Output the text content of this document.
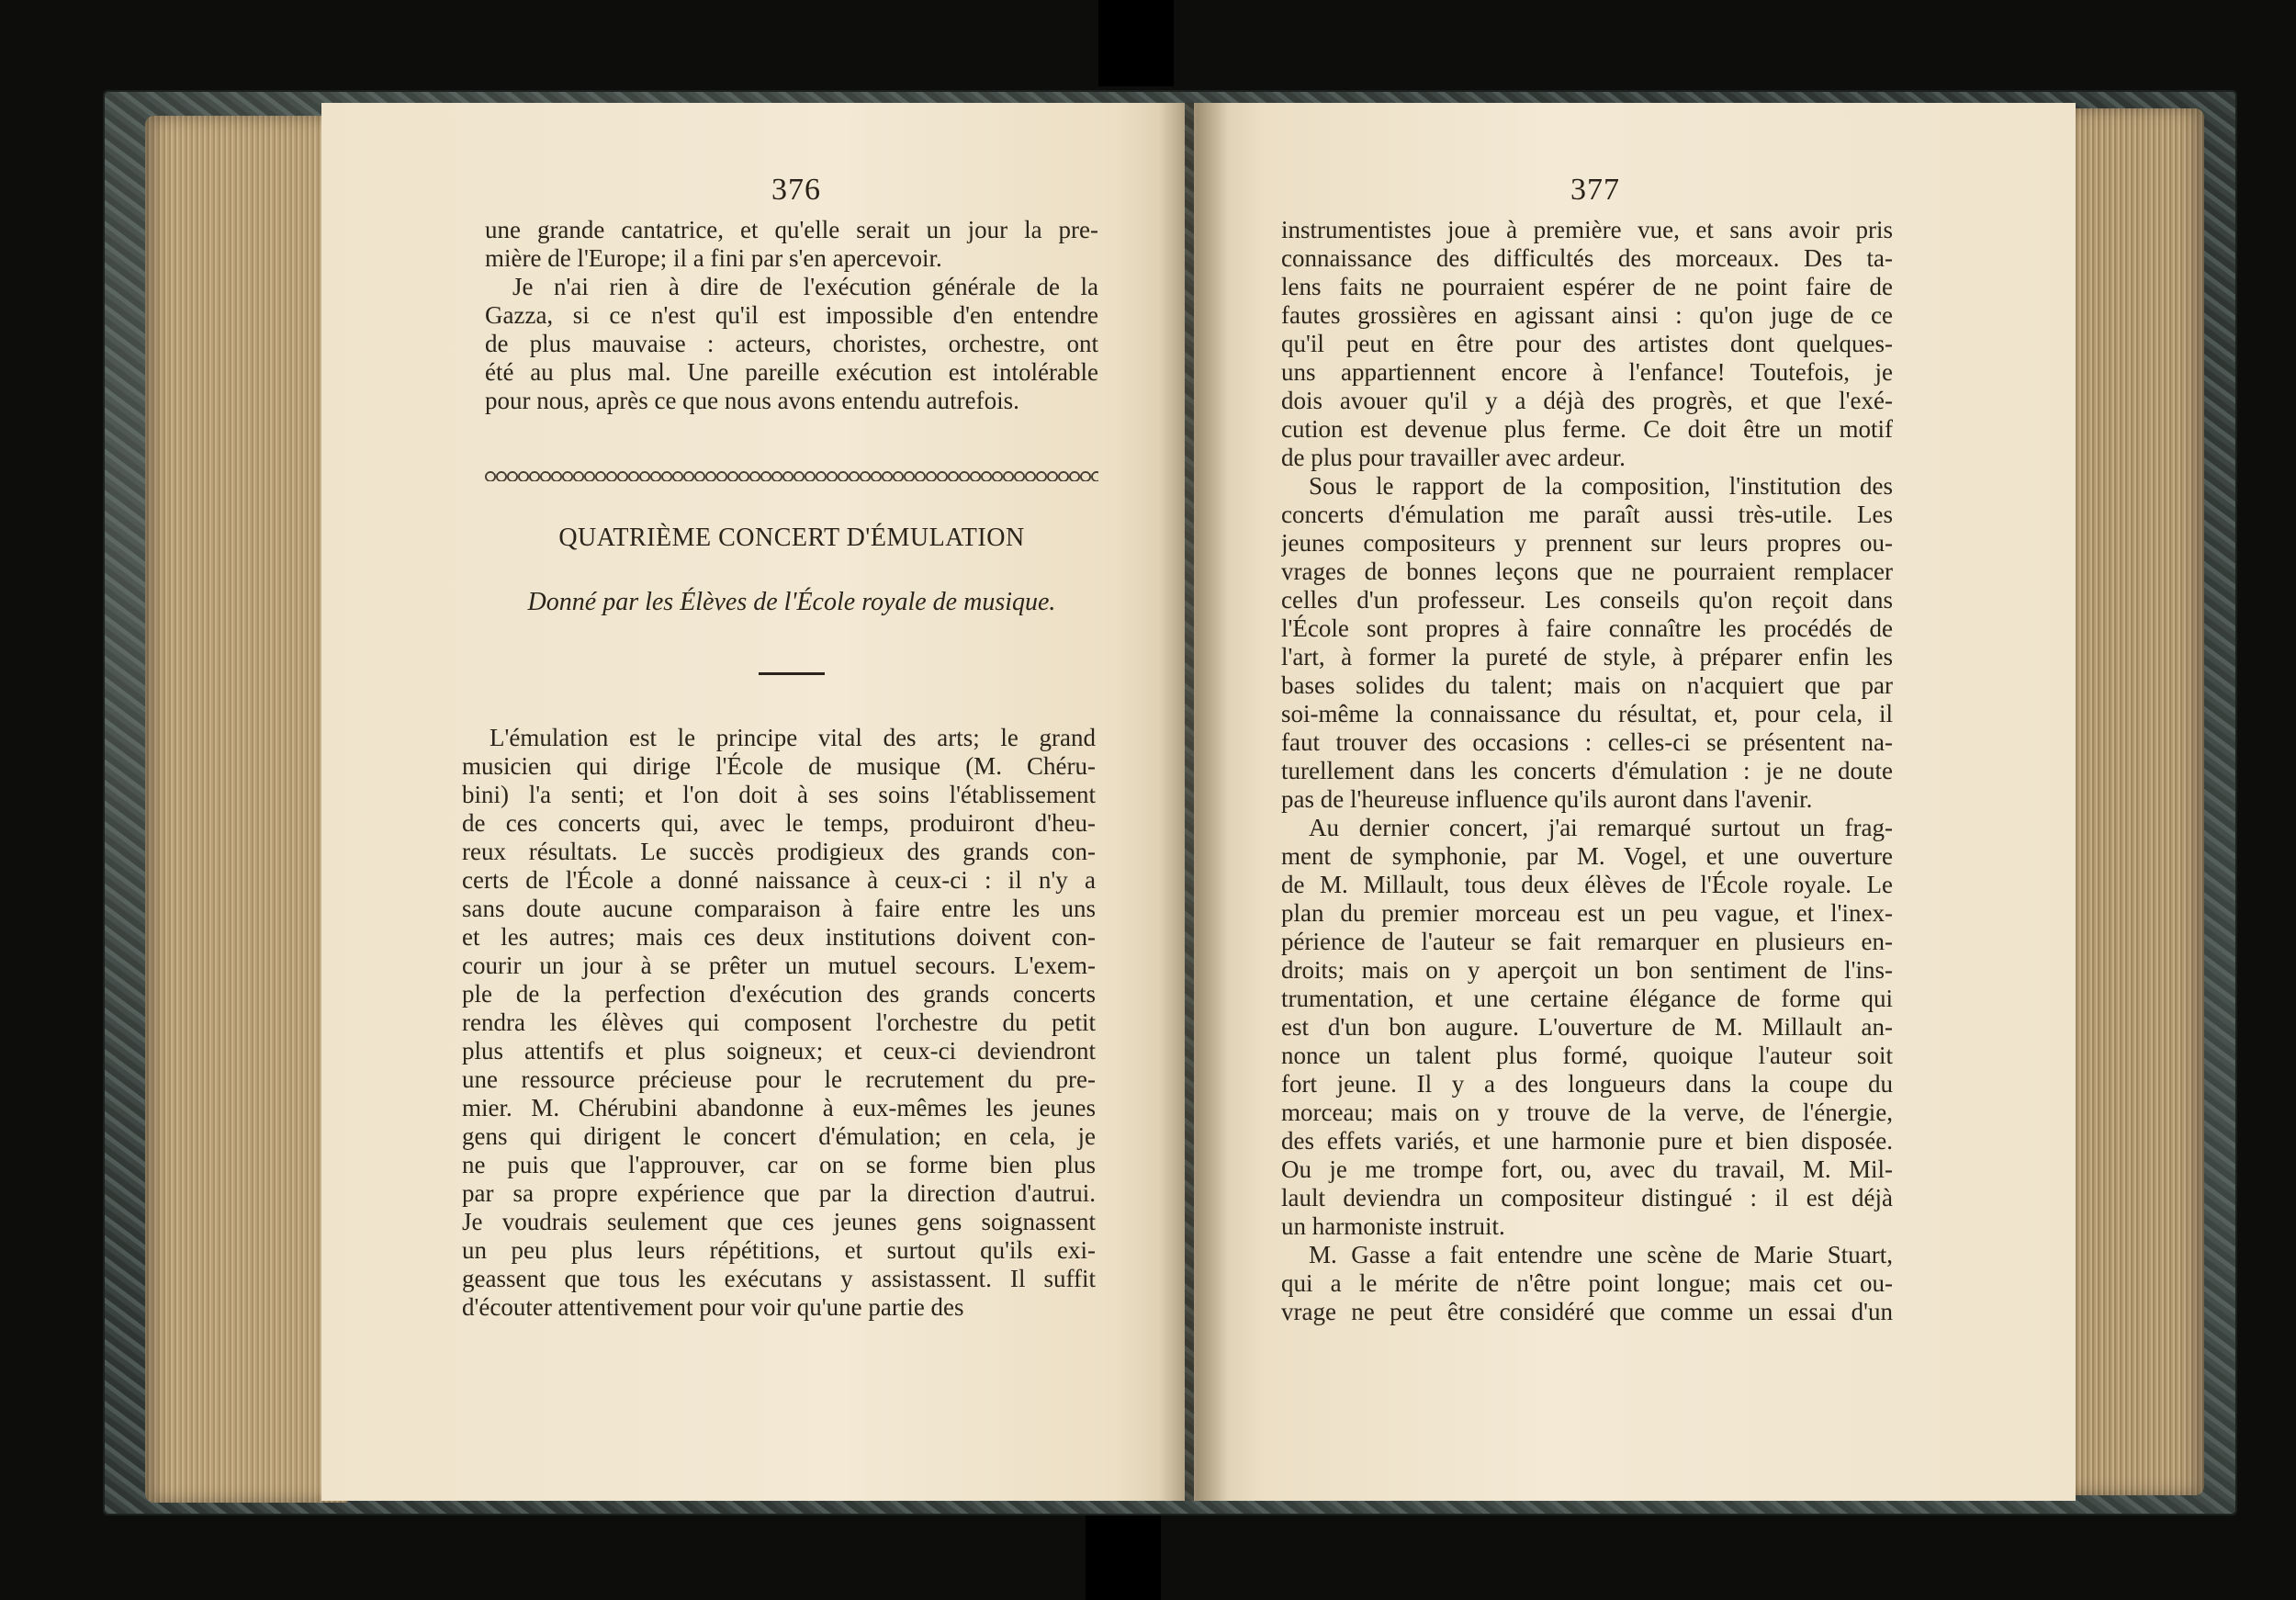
376
une grande cantatrice, et qu'elle serait un jour la pre-
mière de l'Europe; il a fini par s'en apercevoir.
Je n'ai rien à dire de l'exécution générale de la
Gazza, si ce n'est qu'il est impossible d'en entendre
de plus mauvaise : acteurs, choristes, orchestre, ont
été au plus mal. Une pareille exécution est intolérable
pour nous, après ce que nous avons entendu autrefois.
QUATRIÈME CONCERT D'ÉMULATION
Donné par les Élèves de l'École royale de musique.
L'émulation est le principe vital des arts; le grand
musicien qui dirige l'École de musique (M. Chéru-
bini) l'a senti; et l'on doit à ses soins l'établissement
de ces concerts qui, avec le temps, produiront d'heu-
reux résultats. Le succès prodigieux des grands con-
certs de l'École a donné naissance à ceux-ci : il n'y a
sans doute aucune comparaison à faire entre les uns
et les autres; mais ces deux institutions doivent con-
courir un jour à se prêter un mutuel secours. L'exem-
ple de la perfection d'exécution des grands concerts
rendra les élèves qui composent l'orchestre du petit
plus attentifs et plus soigneux; et ceux-ci deviendront
une ressource précieuse pour le recrutement du pre-
mier. M. Chérubini abandonne à eux-mêmes les jeunes
gens qui dirigent le concert d'émulation; en cela, je
ne puis que l'approuver, car on se forme bien plus
par sa propre expérience que par la direction d'autrui.
Je voudrais seulement que ces jeunes gens soignassent
un peu plus leurs répétitions, et surtout qu'ils exi-
geassent que tous les exécutans y assistassent. Il suffit
d'écouter attentivement pour voir qu'une partie des
377
instrumentistes joue à première vue, et sans avoir pris
connaissance des difficultés des morceaux. Des ta-
lens faits ne pourraient espérer de ne point faire de
fautes grossières en agissant ainsi : qu'on juge de ce
qu'il peut en être pour des artistes dont quelques-
uns appartiennent encore à l'enfance! Toutefois, je
dois avouer qu'il y a déjà des progrès, et que l'exé-
cution est devenue plus ferme. Ce doit être un motif
de plus pour travailler avec ardeur.
Sous le rapport de la composition, l'institution des
concerts d'émulation me paraît aussi très-utile. Les
jeunes compositeurs y prennent sur leurs propres ou-
vrages de bonnes leçons que ne pourraient remplacer
celles d'un professeur. Les conseils qu'on reçoit dans
l'École sont propres à faire connaître les procédés de
l'art, à former la pureté de style, à préparer enfin les
bases solides du talent; mais on n'acquiert que par
soi-même la connaissance du résultat, et, pour cela, il
faut trouver des occasions : celles-ci se présentent na-
turellement dans les concerts d'émulation : je ne doute
pas de l'heureuse influence qu'ils auront dans l'avenir.
Au dernier concert, j'ai remarqué surtout un frag-
ment de symphonie, par M. Vogel, et une ouverture
de M. Millault, tous deux élèves de l'École royale. Le
plan du premier morceau est un peu vague, et l'inex-
périence de l'auteur se fait remarquer en plusieurs en-
droits; mais on y aperçoit un bon sentiment de l'ins-
trumentation, et une certaine élégance de forme qui
est d'un bon augure. L'ouverture de M. Millault an-
nonce un talent plus formé, quoique l'auteur soit
fort jeune. Il y a des longueurs dans la coupe du
morceau; mais on y trouve de la verve, de l'énergie,
des effets variés, et une harmonie pure et bien disposée.
Ou je me trompe fort, ou, avec du travail, M. Mil-
lault deviendra un compositeur distingué : il est déjà
un harmoniste instruit.
M. Gasse a fait entendre une scène de Marie Stuart,
qui a le mérite de n'être point longue; mais cet ou-
vrage ne peut être considéré que comme un essai d'un
